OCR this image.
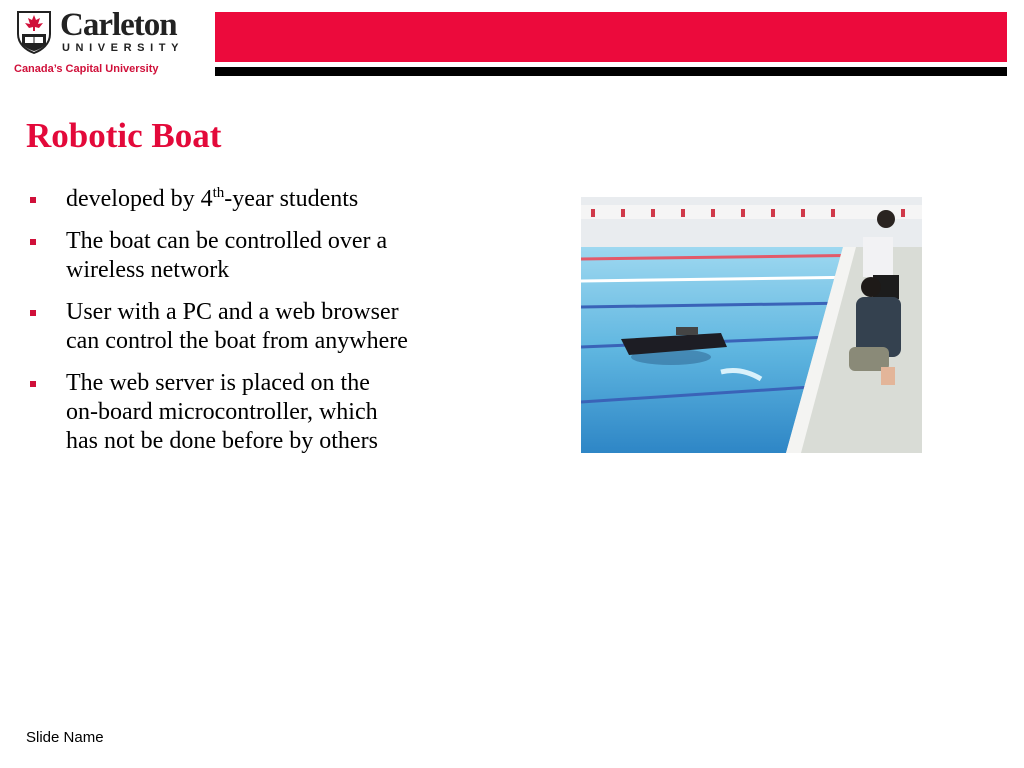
Carleton
UNIVERSITY
Canada’s Capital University
Robotic Boat
developed by 4th-year students
The boat can be controlled over a
wireless network
User with a PC and a web browser
can control the boat from anywhere
The web server is placed on the
on-board microcontroller, which
has not be done before by others
Slide Name
